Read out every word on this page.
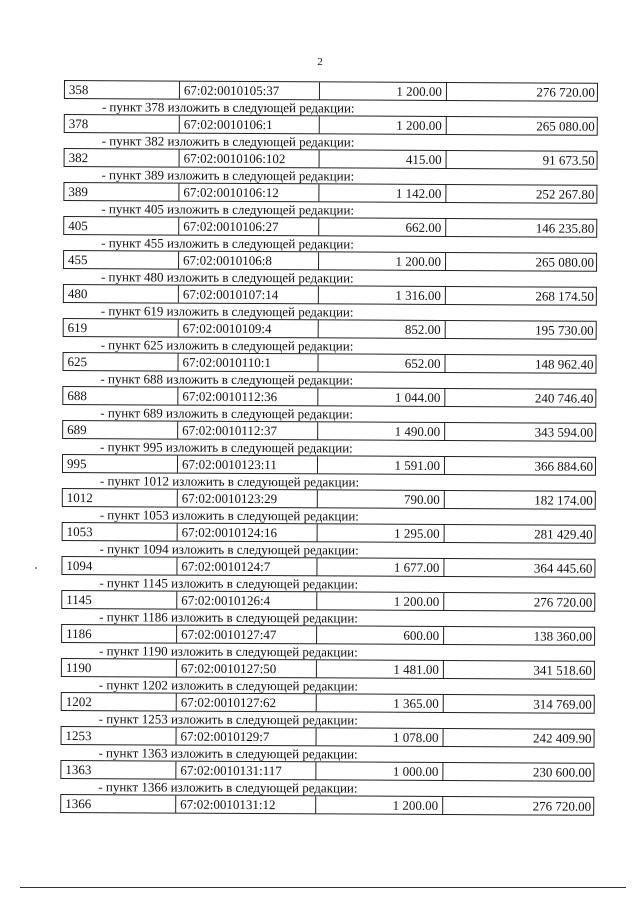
2
358	67:02:0010105:37	1 200.00	276 720.00
- пункт 378 изложить в следующей редакции:
378	67:02:0010106:1	1 200.00	265 080.00
- пункт 382 изложить в следующей редакции:
382	67:02:0010106:102	415.00	91 673.50
- пункт 389 изложить в следующей редакции:
389	67:02:0010106:12	1 142.00	252 267.80
- пункт 405 изложить в следующей редакции:
405	67:02:0010106:27	662.00	146 235.80
- пункт 455 изложить в следующей редакции:
455	67:02:0010106:8	1 200.00	265 080.00
- пункт 480 изложить в следующей редакции:
480	67:02:0010107:14	1 316.00	268 174.50
- пункт 619 изложить в следующей редакции:
619	67:02:0010109:4	852.00	195 730.00
- пункт 625 изложить в следующей редакции:
625	67:02:0010110:1	652.00	148 962.40
- пункт 688 изложить в следующей редакции:
688	67:02:0010112:36	1 044.00	240 746.40
- пункт 689 изложить в следующей редакции:
689	67:02:0010112:37	1 490.00	343 594.00
- пункт 995 изложить в следующей редакции:
995	67:02:0010123:11	1 591.00	366 884.60
- пункт 1012 изложить в следующей редакции:
1012	67:02:0010123:29	790.00	182 174.00
- пункт 1053 изложить в следующей редакции:
1053	67:02:0010124:16	1 295.00	281 429.40
- пункт 1094 изложить в следующей редакции:
1094	67:02:0010124:7	1 677.00	364 445.60
- пункт 1145 изложить в следующей редакции:
1145	67:02:0010126:4	1 200.00	276 720.00
- пункт 1186 изложить в следующей редакции:
1186	67:02:0010127:47	600.00	138 360.00
- пункт 1190 изложить в следующей редакции:
1190	67:02:0010127:50	1 481.00	341 518.60
- пункт 1202 изложить в следующей редакции:
1202	67:02:0010127:62	1 365.00	314 769.00
- пункт 1253 изложить в следующей редакции:
1253	67:02:0010129:7	1 078.00	242 409.90
- пункт 1363 изложить в следующей редакции:
1363	67:02:0010131:117	1 000.00	230 600.00
- пункт 1366 изложить в следующей редакции:
1366	67:02:0010131:12	1 200.00	276 720.00
